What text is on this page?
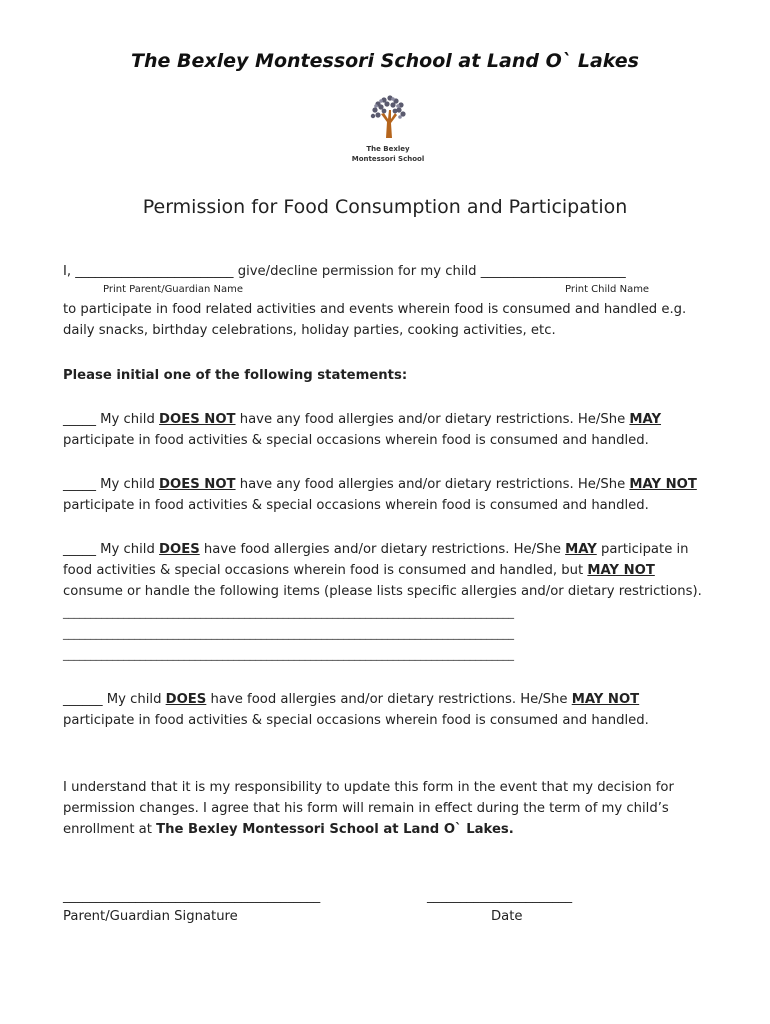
The Bexley Montessori School at Land O` Lakes
The Bexley
Montessori School
Permission for Food Consumption and Participation
I, ________________________ give/decline permission for my child ______________________
Print Parent/Guardian Name	Print Child Name
to participate in food related activities and events wherein food is consumed and handled e.g.
daily snacks, birthday celebrations, holiday parties, cooking activities, etc.
Please initial one of the following statements:
_____ My child DOES NOT have any food allergies and/or dietary restrictions. He/She MAY
participate in food activities & special occasions wherein food is consumed and handled.
_____ My child DOES NOT have any food allergies and/or dietary restrictions. He/She MAY NOT
participate in food activities & special occasions wherein food is consumed and handled.
_____ My child DOES have food allergies and/or dietary restrictions. He/She MAY participate in
food activities & special occasions wherein food is consumed and handled, but MAY NOT
consume or handle the following items (please lists specific allergies and/or dietary restrictions).
__________________________________________________________________________________
__________________________________________________________________________________
__________________________________________________________________________________
______ My child DOES have food allergies and/or dietary restrictions. He/She MAY NOT
participate in food activities & special occasions wherein food is consumed and handled.
I understand that it is my responsibility to update this form in the event that my decision for
permission changes. I agree that his form will remain in effect during the term of my child’s
enrollment at The Bexley Montessori School at Land O` Lakes.
_______________________________________	______________________
Parent/Guardian Signature	Date
